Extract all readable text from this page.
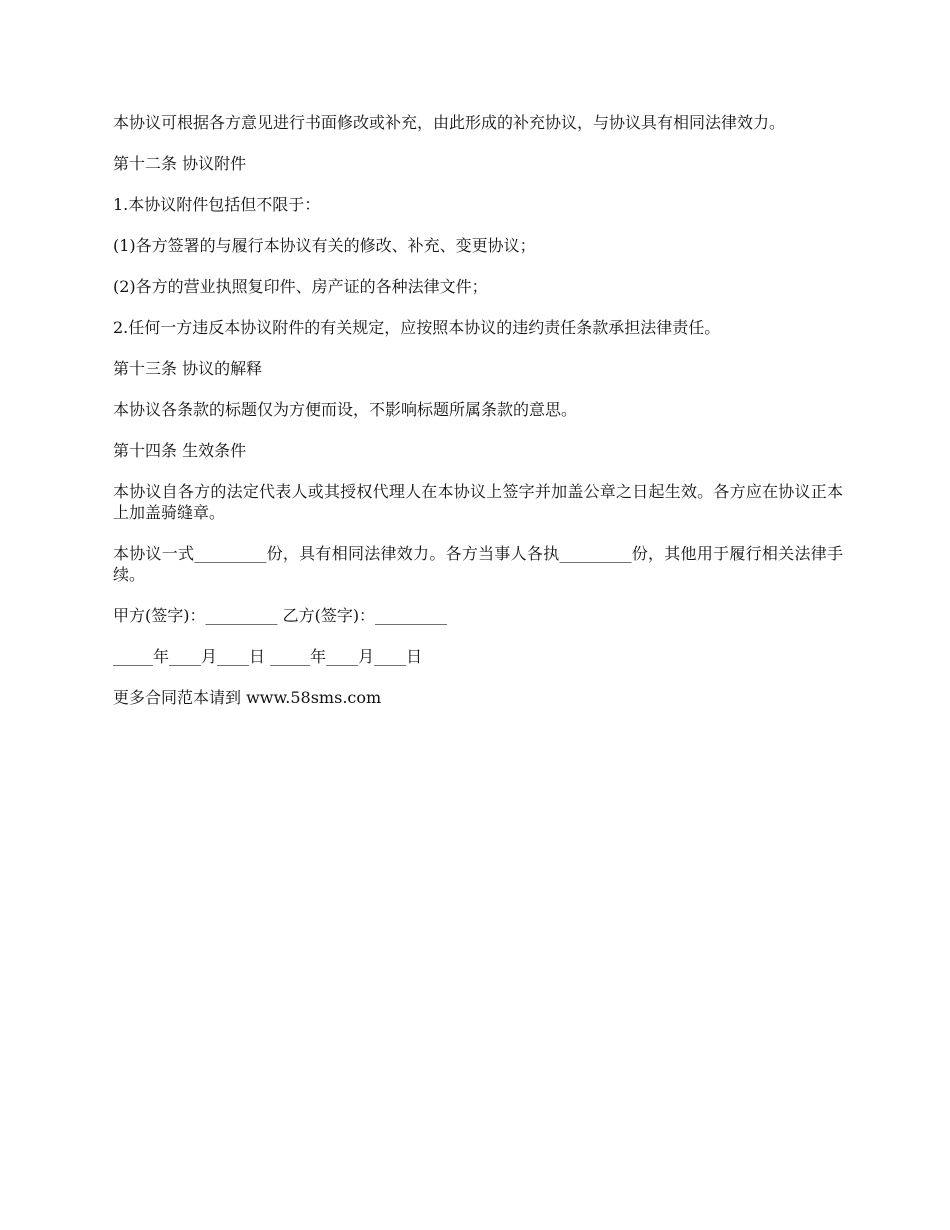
本协议可根据各方意见进行书面修改或补充，由此形成的补充协议，与协议具有相同法律效力。

第十二条 协议附件

1.本协议附件包括但不限于：

(1)各方签署的与履行本协议有关的修改、补充、变更协议；

(2)各方的营业执照复印件、房产证的各种法律文件；

2.任何一方违反本协议附件的有关规定，应按照本协议的违约责任条款承担法律责任。

第十三条 协议的解释

本协议各条款的标题仅为方便而设，不影响标题所属条款的意思。

第十四条 生效条件

本协议自各方的法定代表人或其授权代理人在本协议上签字并加盖公章之日起生效。各方应在协议正本上加盖骑缝章。

本协议一式_________份，具有相同法律效力。各方当事人各执_________份，其他用于履行相关法律手续。

甲方(签字)：_________ 乙方(签字)：_________

_____年____月____日 _____年____月____日

更多合同范本请到 www.58sms.com
